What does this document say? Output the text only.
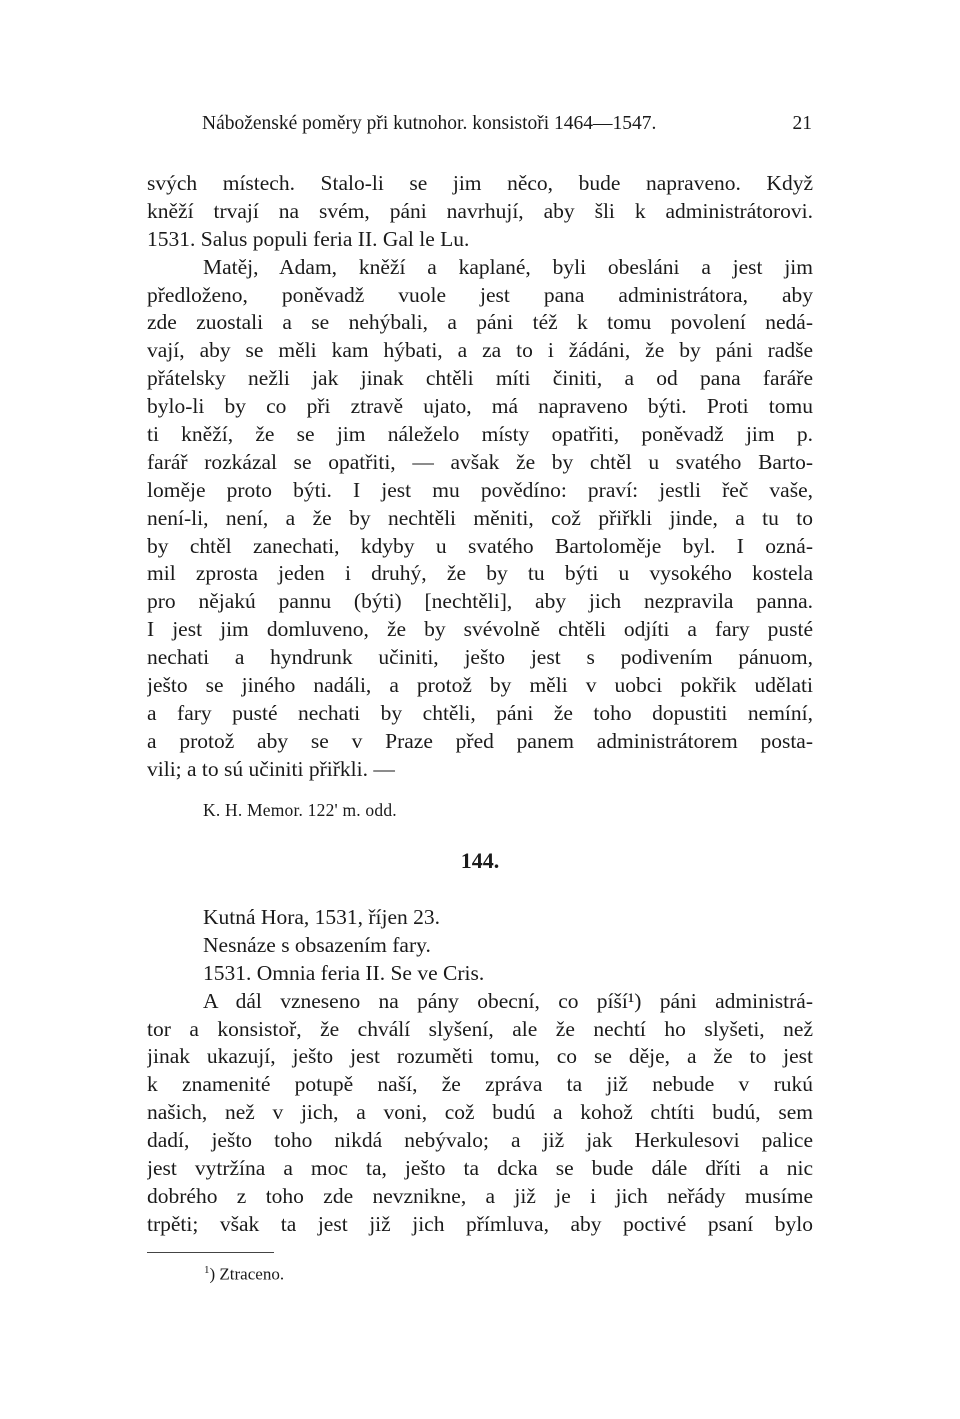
Náboženské poměry při kutnohor. konsistoři 1464—1547.	21
svých místech. Stalo-li se jim něco, bude napraveno. Když
kněží trvají na svém, páni navrhují, aby šli k administrátorovi.
1531. Salus populi feria II. Gal le Lu.
Matěj, Adam, kněží a kaplané, byli obesláni a jest jim
předloženo, poněvadž vuole jest pana administrátora, aby
zde zuostali a se nehýbali, a páni též k tomu povolení nedá-
vají, aby se měli kam hýbati, a za to i žádáni, že by páni radše
přátelsky nežli jak jinak chtěli míti činiti, a od pana faráře
bylo-li by co při ztravě ujato, má napraveno býti. Proti tomu
ti kněží, že se jim náleželo místy opatřiti, poněvadž jim p.
farář rozkázal se opatřiti, — avšak že by chtěl u svatého Barto-
loměje proto býti. I jest mu povědíno: praví: jestli řeč vaše,
není-li, není, a že by nechtěli měniti, což přiřkli jinde, a tu to
by chtěl zanechati, kdyby u svatého Bartoloměje byl. I ozná-
mil zprosta jeden i druhý, že by tu býti u vysokého kostela
pro nějakú pannu (býti) [nechtěli], aby jich nezpravila panna.
I jest jim domluveno, že by svévolně chtěli odjíti a fary pusté
nechati a hyndrunk učiniti, ješto jest s podivením pánuom,
ješto se jiného nadáli, a protož by měli v uobci pokřik udělati
a fary pusté nechati by chtěli, páni že toho dopustiti nemíní,
a protož aby se v Praze před panem administrátorem posta-
vili; a to sú učiniti přiřkli. —
K. H. Memor. 122' m. odd.
144.
Kutná Hora, 1531, říjen 23.
Nesnáze s obsazením fary.
1531. Omnia feria II. Se ve Cris.
A dál vzneseno na pány obecní, co píší¹) páni administrá-
tor a konsistoř, že chválí slyšení, ale že nechtí ho slyšeti, než
jinak ukazují, ješto jest rozuměti tomu, co se děje, a že to jest
k znamenité potupě naší, že zpráva ta již nebude v rukú
našich, než v jich, a voni, což budú a kohož chtíti budú, sem
dadí, ješto toho nikdá nebývalo; a již jak Herkulesovi palice
jest vytržína a moc ta, ješto ta dcka se bude dále dříti a nic
dobrého z toho zde nevznikne, a již je i jich neřády musíme
trpěti; však ta jest již jich přímluva, aby poctivé psaní bylo
$^1$) Ztraceno.
